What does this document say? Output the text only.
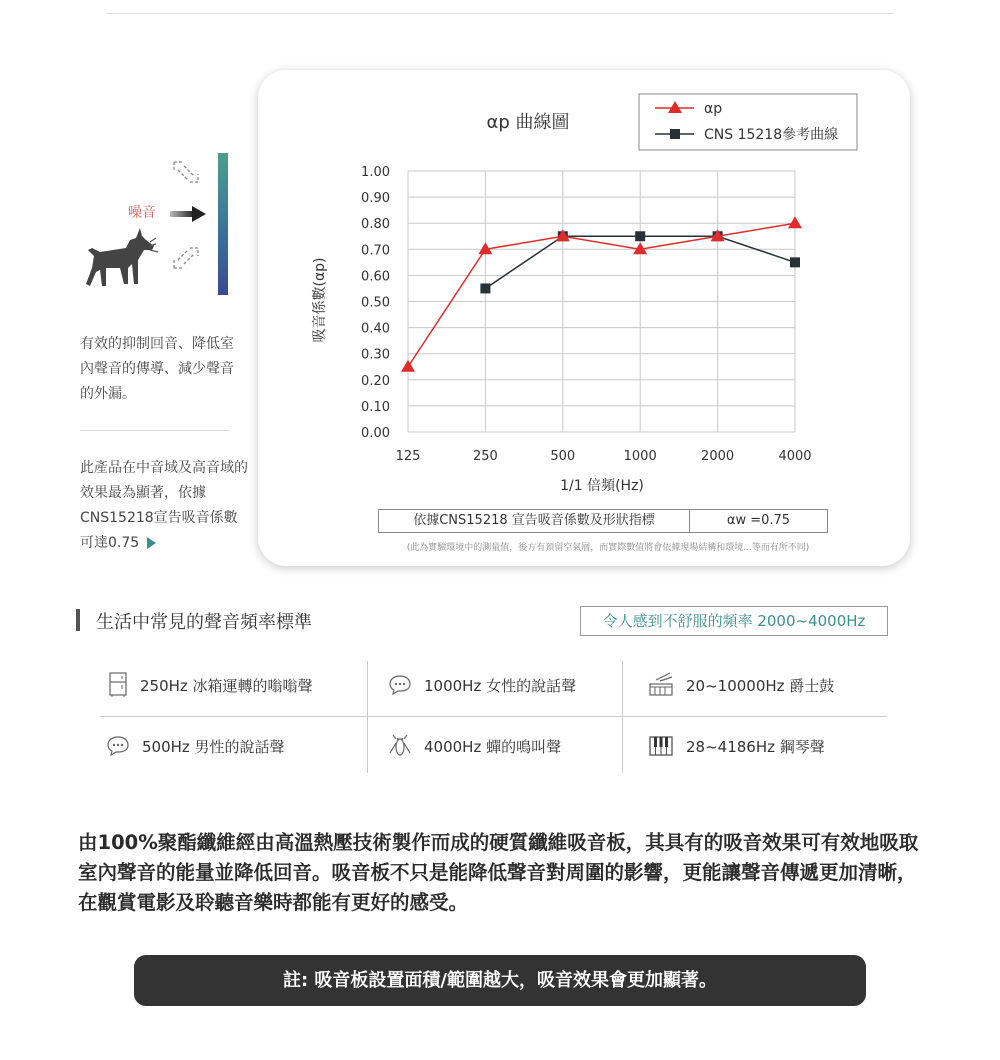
噪音
有效的抑制回音、降低室內聲音的傳導、減少聲音的外漏。
此產品在中音域及高音域的效果最為顯著，依據CNS15218宣告吸音係數可達0.75
αp 曲線圖
0.00
0.10
0.20
0.30
0.40
0.50
0.60
0.70
0.80
0.90
1.00
125	250	500	1000	2000	4000
1/1 倍頻(Hz)
吸音係數(αp)
αp
CNS 15218參考曲線
依據CNS15218 宣告吸音係數及形狀指標	αw =0.75
(此為實驗環境中的測量值，後方有預留空氣層，而實際數值將會依據現場結構和環境...等而有所不同)
生活中常見的聲音頻率標準	令人感到不舒服的頻率 2000~4000Hz
250Hz 冰箱運轉的嗡嗡聲	1000Hz 女性的說話聲	20~10000Hz 爵士鼓
500Hz 男性的說話聲	4000Hz 蟬的鳴叫聲	28~4186Hz 鋼琴聲
由100%聚酯纖維經由高溫熱壓技術製作而成的硬質纖維吸音板，其具有的吸音效果可有效地吸取室內聲音的能量並降低回音。吸音板不只是能降低聲音對周圍的影響，更能讓聲音傳遞更加清晰，在觀賞電影及聆聽音樂時都能有更好的感受。
註: 吸音板設置面積/範圍越大，吸音效果會更加顯著。
